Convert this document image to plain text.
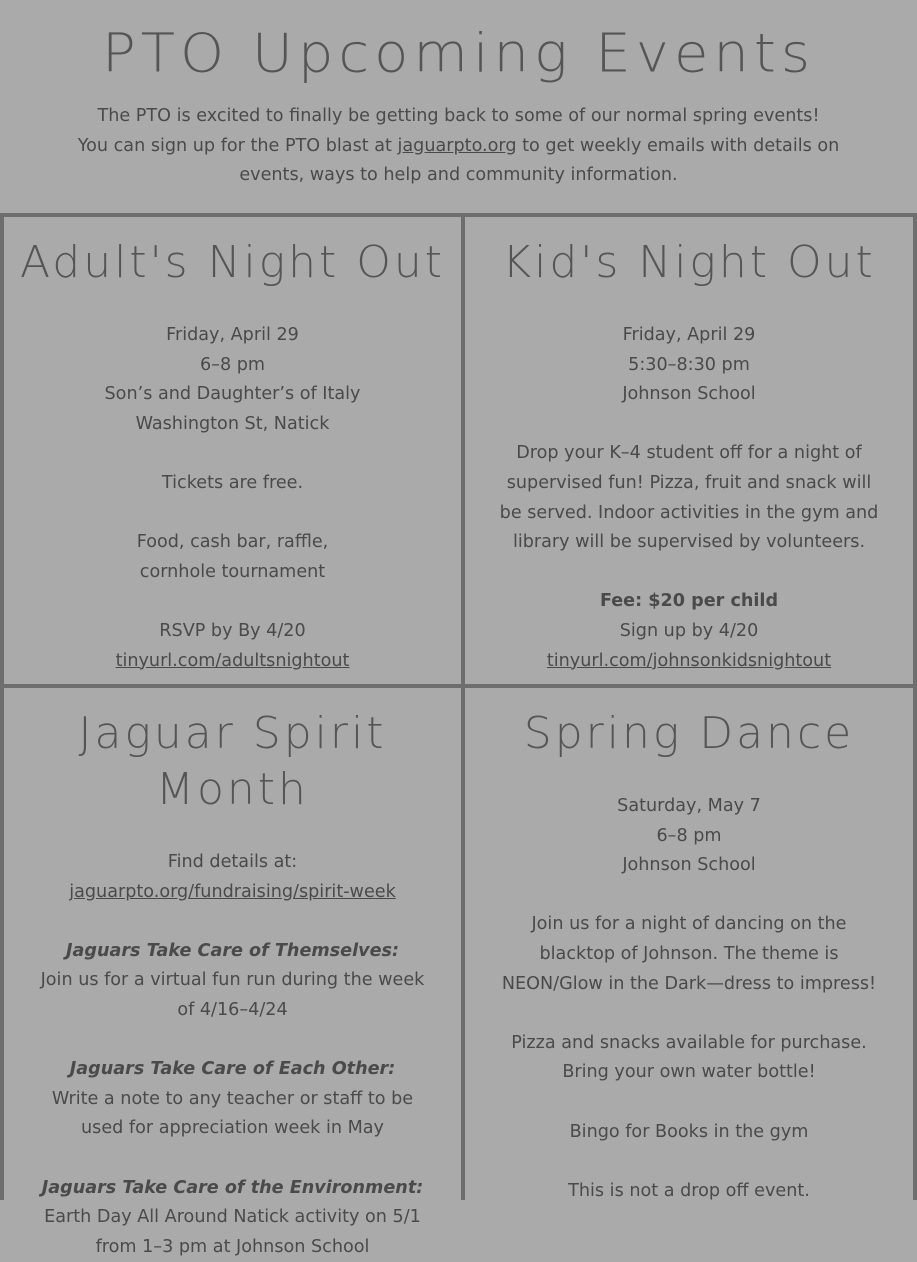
PTO Upcoming Events

The PTO is excited to finally be getting back to some of our normal spring events!

You can sign up for the PTO blast at jaguarpto.org to get weekly emails with details on

events, ways to help and community information.

Adult's Night Out

Friday, April 29

6–8 pm

Son’s and Daughter’s of Italy

Washington St, Natick

Tickets are free.

Food, cash bar, raffle,

cornhole tournament

RSVP by By 4/20

tinyurl.com/adultsnightout

Kid's Night Out

Friday, April 29

5:30–8:30 pm

Johnson School

Drop your K–4 student off for a night of

supervised fun! Pizza, fruit and snack will

be served. Indoor activities in the gym and

library will be supervised by volunteers.

Fee: $20 per child

Sign up by 4/20

tinyurl.com/johnsonkidsnightout

Jaguar Spirit Month

Find details at:

jaguarpto.org/fundraising/spirit-week

Jaguars Take Care of Themselves:

Join us for a virtual fun run during the week

of 4/16–4/24

Jaguars Take Care of Each Other:

Write a note to any teacher or staff to be

used for appreciation week in May

Jaguars Take Care of the Environment:

Earth Day All Around Natick activity on 5/1

from 1–3 pm at Johnson School

Spring Dance

Saturday, May 7

6–8 pm

Johnson School

Join us for a night of dancing on the

blacktop of Johnson. The theme is

NEON/Glow in the Dark—dress to impress!

Pizza and snacks available for purchase.

Bring your own water bottle!

Bingo for Books in the gym

This is not a drop off event.
